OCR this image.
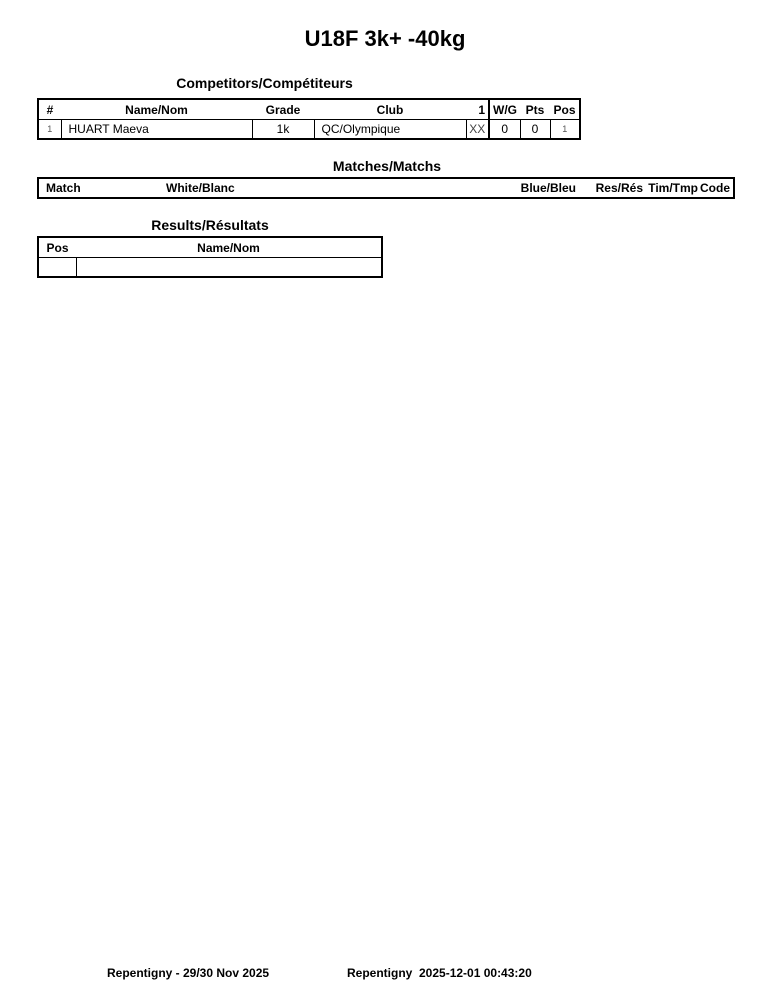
U18F 3k+ -40kg
Competitors/Compétiteurs
#	Name/Nom	Grade	Club	1	W/G	Pts	Pos
1	HUART Maeva	1k	QC/Olympique	XX	0	0	1
Matches/Matchs
Match	White/Blanc	Blue/Bleu	Res/Rés	Tim/Tmp	Code
Results/Résultats
Pos	Name/Nom

Repentigny - 29/30 Nov 2025	Repentigny 2025-12-01 00:43:20
